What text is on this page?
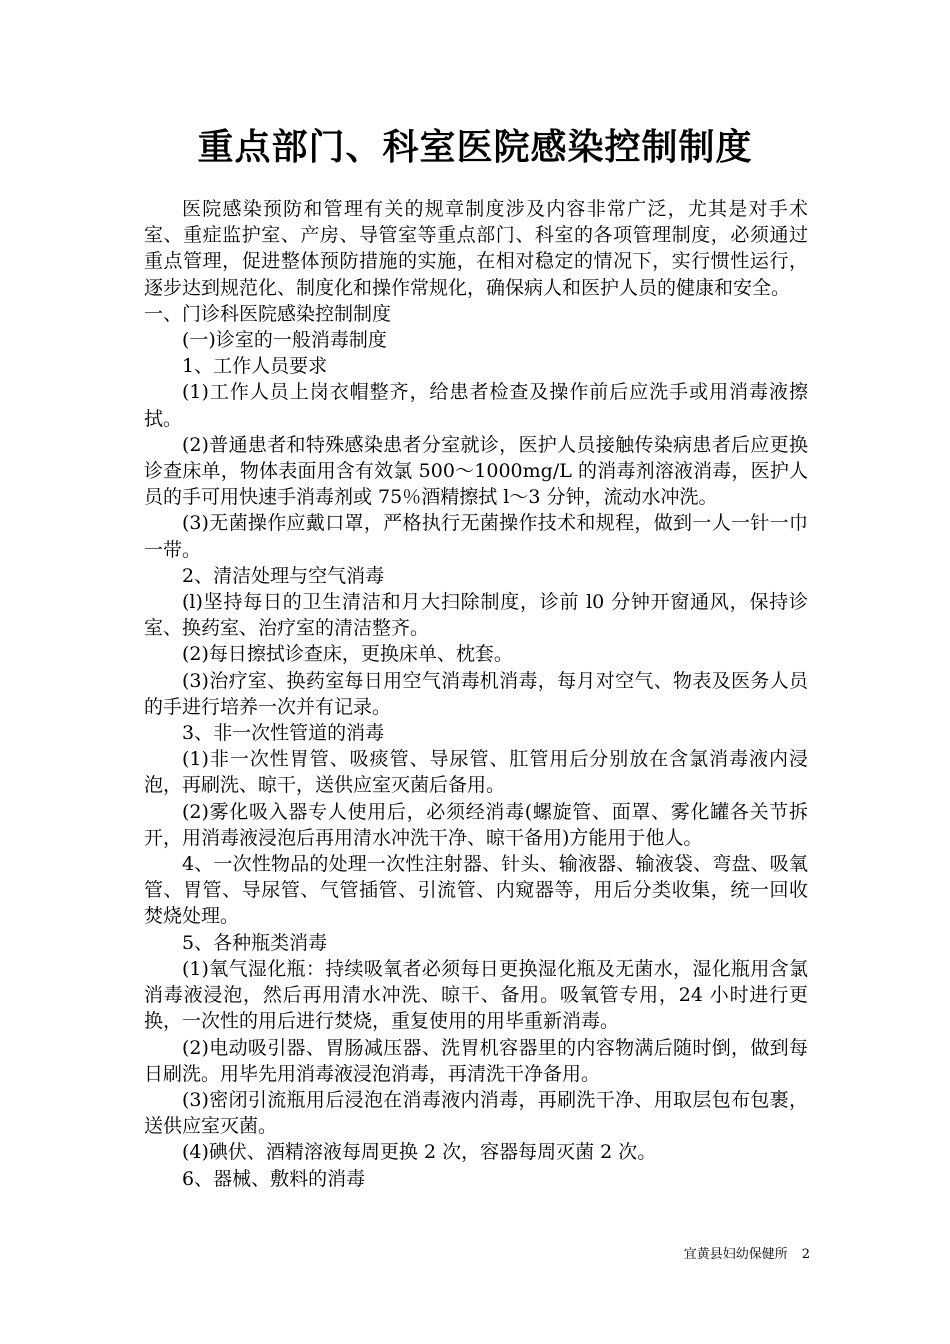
重点部门、科室医院感染控制制度

医院感染预防和管理有关的规章制度涉及内容非常广泛，尤其是对手术室、重症监护室、产房、导管室等重点部门、科室的各项管理制度，必须通过重点管理，促进整体预防措施的实施，在相对稳定的情况下，实行惯性运行，逐步达到规范化、制度化和操作常规化，确保病人和医护人员的健康和安全。

一、门诊科医院感染控制制度

(一)诊室的一般消毒制度

1、工作人员要求

(1)工作人员上岗衣帽整齐，给患者检查及操作前后应洗手或用消毒液擦拭。

(2)普通患者和特殊感染患者分室就诊，医护人员接触传染病患者后应更换诊查床单，物体表面用含有效氯 500～1000mg/L 的消毒剂溶液消毒，医护人员的手可用快速手消毒剂或 75％酒精擦拭 l～3 分钟，流动水冲洗。

(3)无菌操作应戴口罩，严格执行无菌操作技术和规程，做到一人一针一巾一带。

2、清洁处理与空气消毒

(l)坚持每日的卫生清洁和月大扫除制度，诊前 l0 分钟开窗通风，保持诊室、换药室、治疗室的清洁整齐。

(2)每日擦拭诊查床，更换床单、枕套。

(3)治疗室、换药室每日用空气消毒机消毒，每月对空气、物表及医务人员的手进行培养一次并有记录。

3、非一次性管道的消毒

(1)非一次性胃管、吸痰管、导尿管、肛管用后分别放在含氯消毒液内浸泡，再刷洗、晾干，送供应室灭菌后备用。

(2)雾化吸入器专人使用后，必须经消毒(螺旋管、面罩、雾化罐各关节拆开，用消毒液浸泡后再用清水冲洗干净、晾干备用)方能用于他人。

4、一次性物品的处理一次性注射器、针头、输液器、输液袋、弯盘、吸氧管、胃管、导尿管、气管插管、引流管、内窥器等，用后分类收集，统一回收焚烧处理。

5、各种瓶类消毒

(1)氧气湿化瓶：持续吸氧者必须每日更换湿化瓶及无菌水，湿化瓶用含氯消毒液浸泡，然后再用清水冲洗、晾干、备用。吸氧管专用，24 小时进行更换，一次性的用后进行焚烧，重复使用的用毕重新消毒。

(2)电动吸引器、胃肠减压器、洗胃机容器里的内容物满后随时倒，做到每日刷洗。用毕先用消毒液浸泡消毒，再清洗干净备用。

(3)密闭引流瓶用后浸泡在消毒液内消毒，再刷洗干净、用取层包布包裹，送供应室灭菌。

(4)碘伏、酒精溶液每周更换 2 次，容器每周灭菌 2 次。

6、器械、敷料的消毒

宜黄县妇幼保健所 2
